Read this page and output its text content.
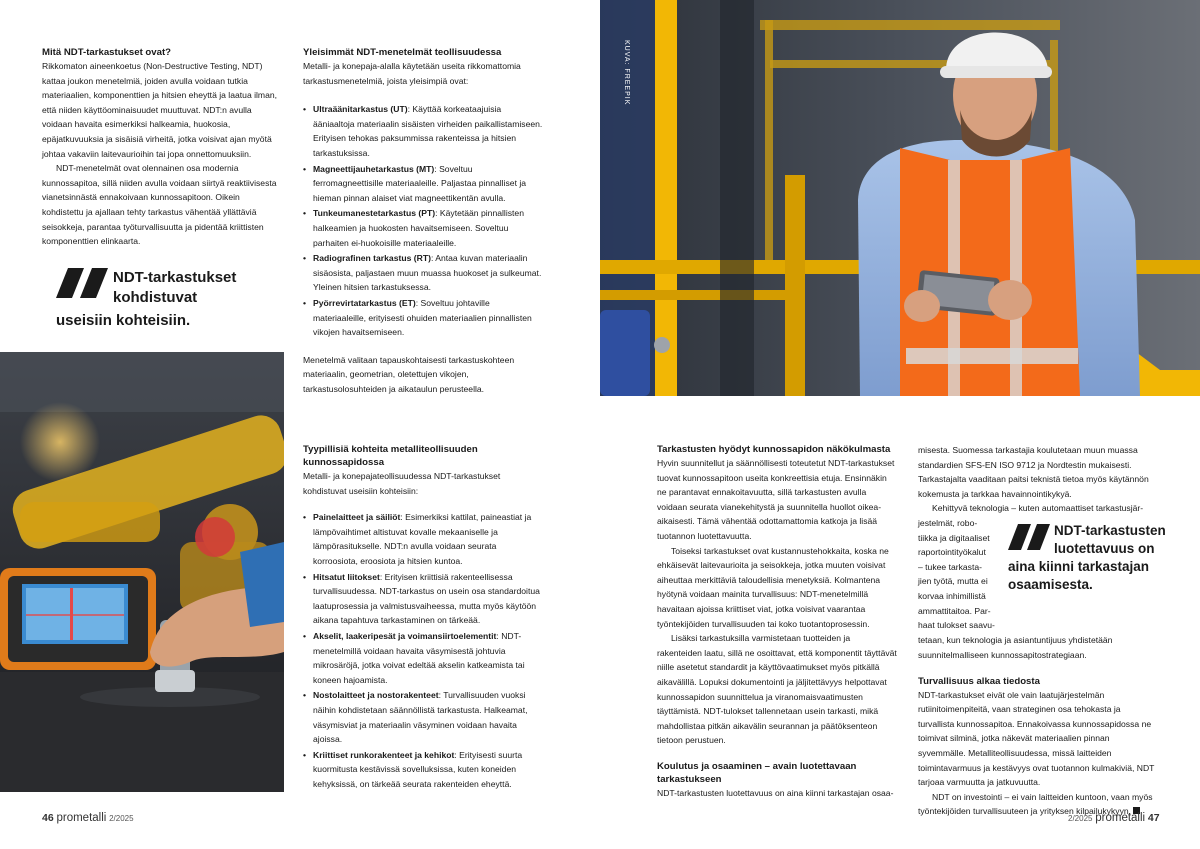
Mitä NDT-tarkastukset ovat?

Rikkomaton aineenkoetus (Non-Destructive Testing, NDT) kattaa joukon menetelmiä, joiden avulla voidaan tutkia materiaalien, komponenttien ja hitsien eheyttä ja laatua ilman, että niiden käyttöominaisuudet muuttuvat. NDT:n avulla voidaan havaita esimerkiksi halkeamia, huokosia, epäjatkuvuuksia ja sisäisiä virheitä, jotka voisivat ajan myötä johtaa vakaviin laitevaurioihin tai jopa onnettomuuksiin.

NDT-menetelmät ovat olennainen osa modernia kunnossapitoa, sillä niiden avulla voidaan siirtyä reaktiivisesta vianetsinnästä ennakoivaan kunnossapitoon. Oikein kohdistettu ja ajallaan tehty tarkastus vähentää yllättäviä seisokkeja, parantaa työturvallisuutta ja pidentää kriittisten komponenttien elinkaarta.

NDT-tarkastukset
kohdistuvat
useisiin kohteisiin.
Yleisimmät NDT-menetelmät teollisuudessa

Metalli- ja konepaja-alalla käytetään useita rikkomattomia tarkastusmenetelmiä, joista yleisimpiä ovat:

• Ultraäänitarkastus (UT): Käyttää korkeataajuisia ääniaaltoja materiaalin sisäisten virheiden paikallistamiseen. Erityisen tehokas paksummissa rakenteissa ja hitsien tarkastuksissa.
• Magneettijauhetarkastus (MT): Soveltuu ferromagneettisille materiaaleille. Paljastaa pinnalliset ja hieman pinnan alaiset viat magneettikentän avulla.
• Tunkeumanestetarkastus (PT): Käytetään pinnallisten halkeamien ja huokosten havaitsemiseen. Soveltuu parhaiten ei-huokoisille materiaaleille.
• Radiografinen tarkastus (RT): Antaa kuvan materiaalin sisäosista, paljastaen muun muassa huokoset ja sulkeumat. Yleinen hitsien tarkastuksessa.
• Pyörrevirtatarkastus (ET): Soveltuu johtaville materiaaleille, erityisesti ohuiden materiaalien pinnallisten vikojen havaitsemiseen.

Menetelmä valitaan tapauskohtaisesti tarkastuskohteen materiaalin, geometrian, oletettujen vikojen, tarkastusolosuhteiden ja aikataulun perusteella.

Tyypillisiä kohteita metalliteollisuuden kunnossapidossa

Metalli- ja konepajateollisuudessa NDT-tarkastukset kohdistuvat useisiin kohteisiin:

• Painelaitteet ja säiliöt: Esimerkiksi kattilat, paineastiat ja lämpövaihtimet altistuvat kovalle mekaaniselle ja lämpörasitukselle. NDT:n avulla voidaan seurata korroosiota, eroosiota ja hitsien kuntoa.
• Hitsatut liitokset: Erityisen kriittisiä rakenteellisessa turvallisuudessa. NDT-tarkastus on usein osa standardoitua laatuprosessia ja valmistusvaiheessa, mutta myös käytöön aikana tapahtuva tarkastaminen on tärkeää.
• Akselit, laakeripesät ja voimansiirtoelementit: NDT-menetelmillä voidaan havaita väsymisestä johtuvia mikrosäröjä, jotka voivat edeltää akselin katkeamista tai koneen hajoamista.
• Nostolaitteet ja nostorakenteet: Turvallisuuden vuoksi näihin kohdistetaan säännöllistä tarkastusta. Halkeamat, väsymisviat ja materiaalin väsyminen voidaan havaita ajoissa.
• Kriittiset runkorakenteet ja kehikot: Erityisesti suurta kuormitusta kestävissä sovelluksissa, kuten koneiden kehyksissä, on tärkeää seurata rakenteiden eheyttä.
46 prometalli 2/2025
KUVA: FREEPIK
Tarkastusten hyödyt kunnossapidon näkökulmasta

Hyvin suunnitellut ja säännöllisesti toteutetut NDT-tarkastukset tuovat kunnossapitoon useita konkreettisia etuja. Ensinnäkin ne parantavat ennakoitavuutta, sillä tarkastusten avulla voidaan seurata vianekehitystä ja suunnitella huollot oikea-aikaisesti. Tämä vähentää odottamattomia katkoja ja lisää tuotannon luotettavuutta.

Toiseksi tarkastukset ovat kustannustehokkaita, koska ne ehkäisevät laitevaurioita ja seisokkeja, jotka muuten voisivat aiheuttaa merkittäviä taloudellisia menetyksiä. Kolmantena hyötynä voidaan mainita turvallisuus: NDT-menetelmillä havaitaan ajoissa kriittiset viat, jotka voisivat vaarantaa työntekijöiden turvallisuuden tai koko tuotantoprosessin.

Lisäksi tarkastuksilla varmistetaan tuotteiden ja rakenteiden laatu, sillä ne osoittavat, että komponentit täyttävät niille asetetut standardit ja käyttövaatimukset myös pitkällä aikavälillä. Lopuksi dokumentointi ja jäljitettävyys helpottavat kunnossapidon suunnittelua ja viranomaisvaatimusten täyttämistä. NDT-tulokset tallennetaan usein tarkasti, mikä mahdollistaa pitkän aikavälin seurannan ja päätöksenteon tietoon perustuen.

Koulutus ja osaaminen – avain luotettavaan tarkastukseen

NDT-tarkastusten luotettavuus on aina kiinni tarkastajan osaa-

misesta. Suomessa tarkastajia koulutetaan muun muassa standardien SFS-EN ISO 9712 ja Nordtestin mukaisesti. Tarkastajalta vaaditaan paitsi teknistä tietoa myös käytännön kokemusta ja tarkkaa havainnointikykyä.

Kehittyvä teknologia – kuten automaattiset tarkastusjär-
jestelmät, robo-
tiikka ja digitaaliset
raportointityökalut
– tukee tarkasta-
jien työtä, mutta ei
korvaa inhimillistä
ammattitaitoa. Par-
haat tulokset saavu-
NDT-tarkastusten
luotettavuus on
aina kiinni tarkastajan
osaamisesta.

tetaan, kun teknologia ja asiantuntijuus yhdistetään suunnitelmalliseen kunnossapitostrategiaan.

Turvallisuus alkaa tiedosta

NDT-tarkastukset eivät ole vain laatujärjestelmän rutiinitoimenpiteitä, vaan strateginen osa tehokasta ja turvallista kunnossapitoa. Ennakoivassa kunnossapidossa ne toimivat silminä, jotka näkevät materiaalien pinnan syvemmälle. Metalliteollisuudessa, missä laitteiden toimintavarmuus ja kestävyys ovat tuotannon kulmakiviä, NDT tarjoaa varmuutta ja jatkuvuutta.

NDT on investointi – ei vain laitteiden kuntoon, vaan myös työntekijöiden turvallisuuteen ja yrityksen kilpailukykyyn.

2/2025 prometalli 47
